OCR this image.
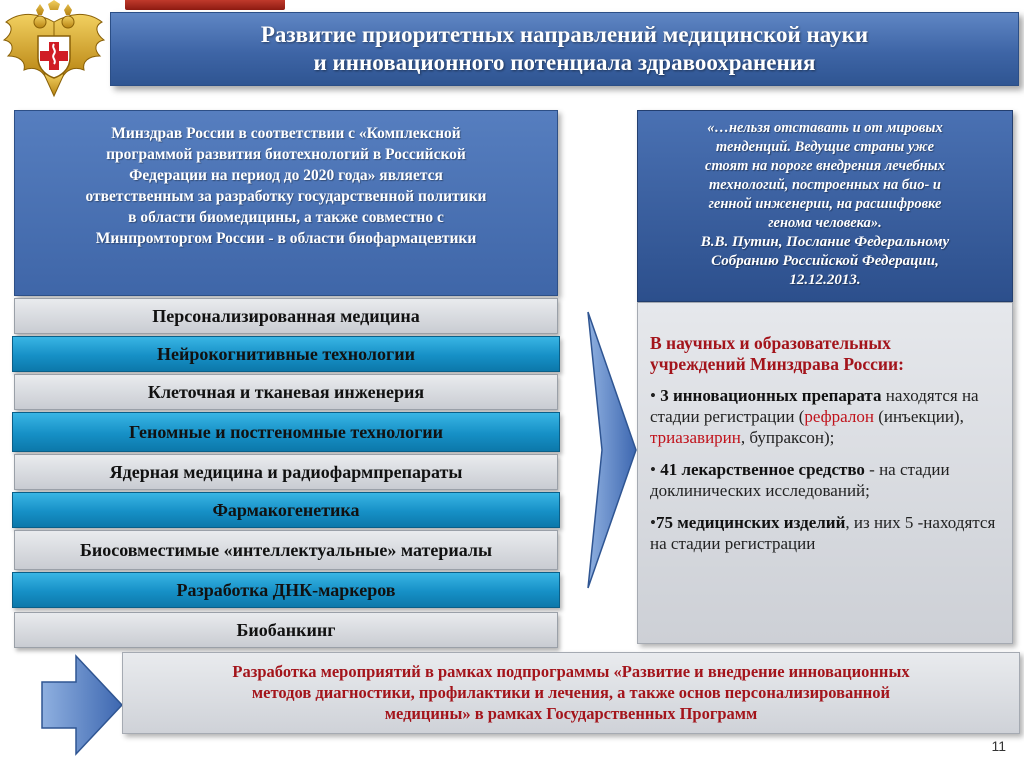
Развитие приоритетных направлений медицинской науки
и инновационного потенциала здравоохранения
Минздрав России в соответствии с «Комплексной
программой развития биотехнологий в Российской
Федерации на период до 2020 года» является
ответственным за разработку государственной политики
в области биомедицины, а также совместно с
Минпромторгом России - в области биофармацевтики
Персонализированная медицина
Нейрокогнитивные технологии
Клеточная и тканевая инженерия
Геномные и постгеномные технологии
Ядерная медицина и радиофармпрепараты
Фармакогенетика
Биосовместимые «интеллектуальные» материалы
Разработка ДНК-маркеров
Биобанкинг
«…нельзя отставать и от мировых
тенденций. Ведущие страны уже
стоят на пороге внедрения лечебных
технологий, построенных на био- и
генной инженерии, на расшифровке
генома человека».
В.В. Путин, Послание Федеральному
Собранию Российской Федерации,
12.12.2013.
В научных и образовательных
учреждений Минздрава России:
• 3 инновационных препарата находятся на стадии регистрации (рефралон (инъекции),
триазавирин, бупраксон);
• 41 лекарственное средство - на стадии доклинических исследований;
•75 медицинских изделий, из них 5 -находятся на стадии регистрации
Разработка мероприятий в рамках подпрограммы «Развитие и внедрение инновационных
методов диагностики, профилактики и лечения, а также основ персонализированной
медицины» в рамках Государственных Программ
11
